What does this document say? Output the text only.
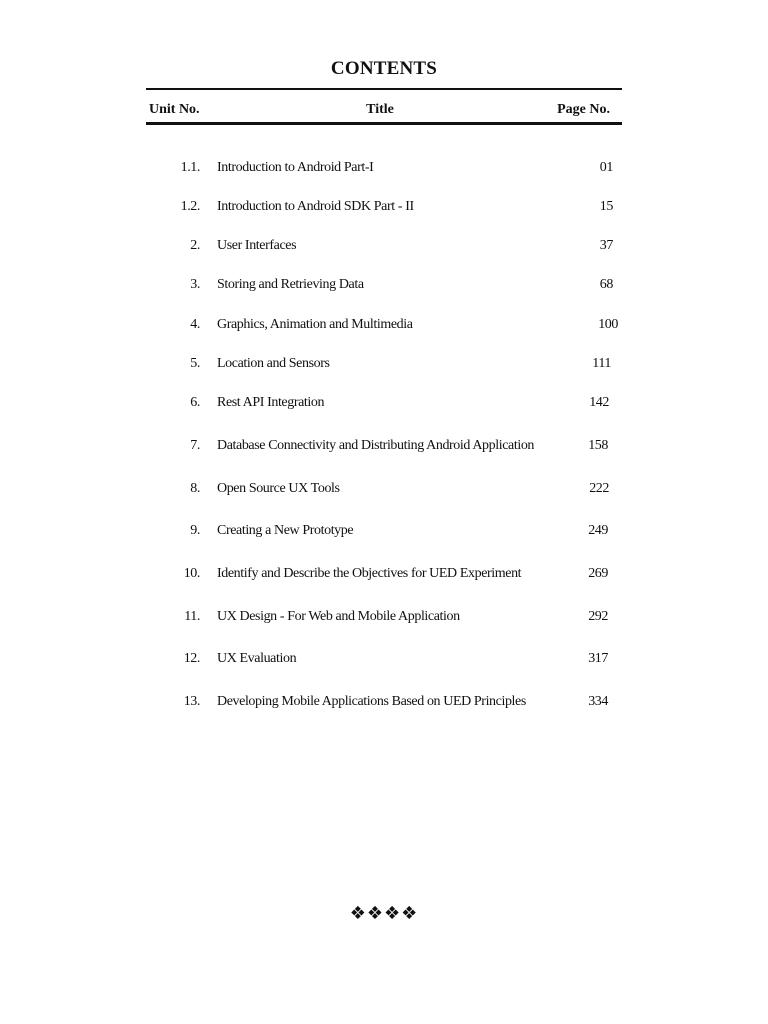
CONTENTS
Unit No.	Title	Page No.
1.1. Introduction to Android Part-I	01
1.2. Introduction to Android SDK Part - II	15
2. User Interfaces	37
3. Storing and Retrieving Data	68
4. Graphics, Animation and Multimedia	100
5. Location and Sensors	111
6. Rest API Integration	142
7. Database Connectivity and Distributing Android Application	158
8. Open Source UX Tools	222
9. Creating a New Prototype	249
10. Identify and Describe the Objectives for UED Experiment	269
11. UX Design - For Web and Mobile Application	292
12. UX Evaluation	317
13. Developing Mobile Applications Based on UED Principles	334
❖❖❖❖
